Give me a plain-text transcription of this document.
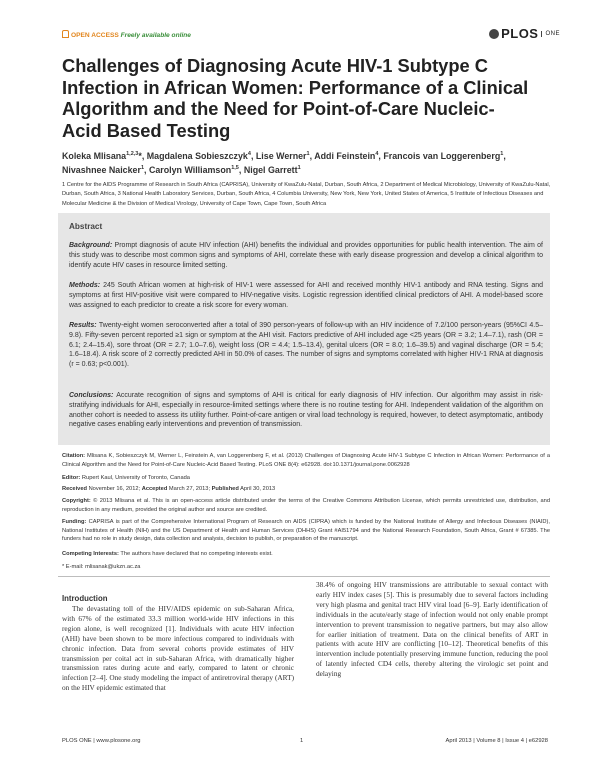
OPEN ACCESS Freely available online	PLOS	ONE
Challenges of Diagnosing Acute HIV-1 Subtype C Infection in African Women: Performance of a Clinical Algorithm and the Need for Point-of-Care Nucleic-Acid Based Testing
Koleka Mlisana$^{1,2,3}$*, Magdalena Sobieszczyk$^4$, Lise Werner$^1$, Addi Feinstein$^4$, Francois van Loggerenberg$^1$, Nivashnee Naicker$^1$, Carolyn Williamson$^{1,5}$, Nigel Garrett$^1$
1 Centre for the AIDS Programme of Research in South Africa (CAPRISA), University of KwaZulu-Natal, Durban, South Africa, 2 Department of Medical Microbiology, University of KwaZulu-Natal, Durban, South Africa, 3 National Health Laboratory Services, Durban, South Africa, 4 Columbia University, New York, New York, United States of America, 5 Institute of Infectious Diseases and Molecular Medicine & the Division of Medical Virology, University of Cape Town, Cape Town, South Africa
Abstract
Background: Prompt diagnosis of acute HIV infection (AHI) benefits the individual and provides opportunities for public health intervention. The aim of this study was to describe most common signs and symptoms of AHI, correlate these with early disease progression and develop a clinical algorithm to identify acute HIV cases in resource limited setting.
Methods: 245 South African women at high-risk of HIV-1 were assessed for AHI and received monthly HIV-1 antibody and RNA testing. Signs and symptoms at first HIV-positive visit were compared to HIV-negative visits. Logistic regression identified clinical predictors of AHI. A model-based score was assigned to each predictor to create a risk score for every woman.
Results: Twenty-eight women seroconverted after a total of 390 person-years of follow-up with an HIV incidence of 7.2/100 person-years (95%CI 4.5–9.8). Fifty-seven percent reported ≥1 sign or symptom at the AHI visit. Factors predictive of AHI included age <25 years (OR = 3.2; 1.4–7.1), rash (OR = 6.1; 2.4–15.4), sore throat (OR = 2.7; 1.0–7.6), weight loss (OR = 4.4; 1.5–13.4), genital ulcers (OR = 8.0; 1.6–39.5) and vaginal discharge (OR = 5.4; 1.6–18.4). A risk score of 2 correctly predicted AHI in 50.0% of cases. The number of signs and symptoms correlated with higher HIV-1 RNA at diagnosis (r = 0.63; p<0.001).
Conclusions: Accurate recognition of signs and symptoms of AHI is critical for early diagnosis of HIV infection. Our algorithm may assist in risk-stratifying individuals for AHI, especially in resource-limited settings where there is no routine testing for AHI. Independent validation of the algorithm on another cohort is needed to assess its utility further. Point-of-care antigen or viral load technology is required, however, to detect asymptomatic, antibody negative cases enabling early interventions and prevention of transmission.
Citation: Mlisana K, Sobieszczyk M, Werner L, Feinstein A, van Loggerenberg F, et al. (2013) Challenges of Diagnosing Acute HIV-1 Subtype C Infection in African Women: Performance of a Clinical Algorithm and the Need for Point-of-Care Nucleic-Acid Based Testing. PLoS ONE 8(4): e62928. doi:10.1371/journal.pone.0062928
Editor: Rupert Kaul, University of Toronto, Canada
Received November 16, 2012; Accepted March 27, 2013; Published April 30, 2013
Copyright: © 2013 Mlisana et al. This is an open-access article distributed under the terms of the Creative Commons Attribution License, which permits unrestricted use, distribution, and reproduction in any medium, provided the original author and source are credited.
Funding: CAPRISA is part of the Comprehensive International Program of Research on AIDS (CIPRA) which is funded by the National Institute of Allergy and Infectious Diseases (NIAID), National Institutes of Health (NIH) and the US Department of Health and Human Services (DHHS) Grant #AI51794 and the National Research Foundation, South Africa, Grant # 67385. The funders had no role in study design, data collection and analysis, decision to publish, or preparation of the manuscript.
Competing Interests: The authors have declared that no competing interests exist.
* E-mail: mlisanak@ukzn.ac.za
Introduction
The devastating toll of the HIV/AIDS epidemic on sub-Saharan Africa, with 67% of the estimated 33.3 million world-wide HIV infections in this region alone, is well recognized [1]. Individuals with acute HIV infection (AHI) have been shown to be more infectious compared to individuals with chronic infection. Data from several cohorts provide estimates of HIV transmission per coital act in sub-Saharan Africa, with dramatically higher transmission rates during acute and early, compared to latent or chronic infection [2–4]. One study modeling the impact of antiretroviral therapy (ART) on the HIV epidemic estimated that
38.4% of ongoing HIV transmissions are attributable to sexual contact with early HIV index cases [5]. This is presumably due to several factors including very high plasma and genital tract HIV viral load [6–9]. Early identification of individuals in the acute/early stage of infection would not only enable prompt intervention to prevent transmission to negative partners, but may also allow for earlier initiation of treatment. Data on the clinical benefits of ART in patients with acute HIV are conflicting [10–12]. Theoretical benefits of this intervention include potentially preserving immune function, reducing the pool of latently infected CD4 cells, thereby altering the virologic set point and delaying
PLOS ONE | www.plosone.org	1	April 2013 | Volume 8 | Issue 4 | e62928
